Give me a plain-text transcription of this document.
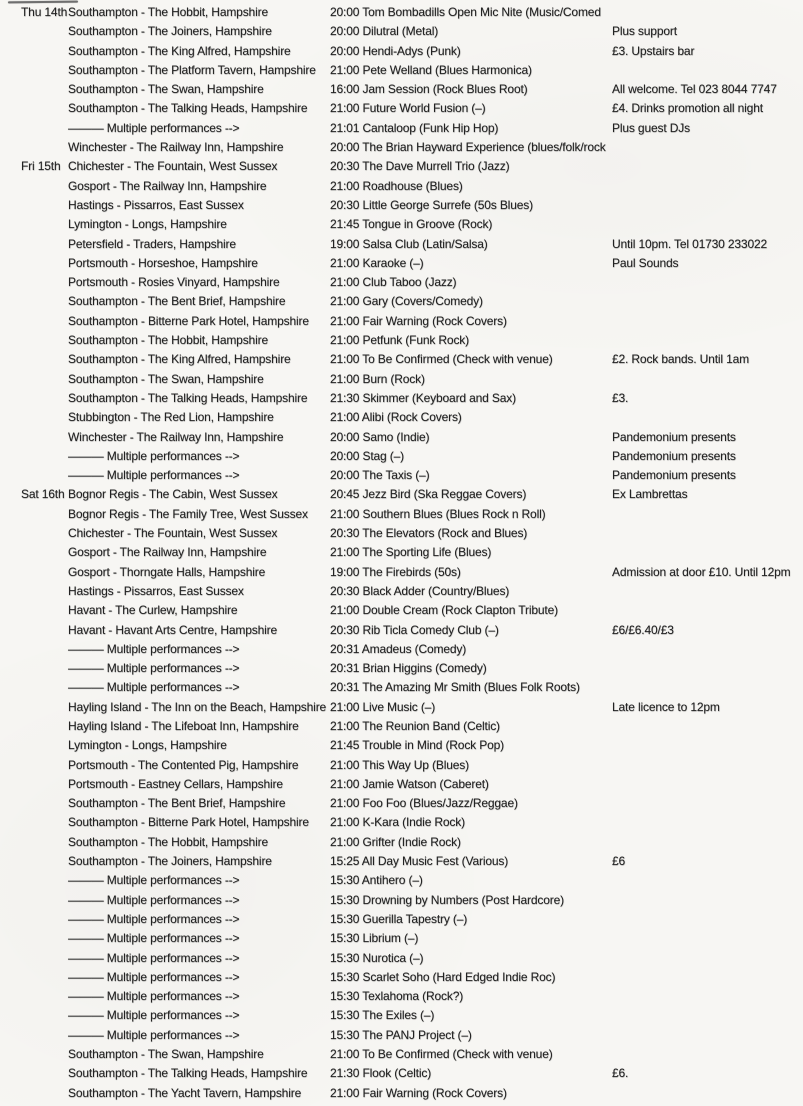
Thu 14th Southampton - The Hobbit, Hampshire	20:00 Tom Bombadills Open Mic Nite (Music/Comed
Southampton - The Joiners, Hampshire	20:00 Dilutral (Metal)	Plus support
Southampton - The King Alfred, Hampshire	20:00 Hendi-Adys (Punk)	£3. Upstairs bar
Southampton - The Platform Tavern, Hampshire	21:00 Pete Welland (Blues Harmonica)
Southampton - The Swan, Hampshire	16:00 Jam Session (Rock Blues Root)	All welcome. Tel 023 8044 7747
Southampton - The Talking Heads, Hampshire	21:00 Future World Fusion (–)	£4. Drinks promotion all night
——— Multiple performances -->	21:01 Cantaloop (Funk Hip Hop)	Plus guest DJs
Winchester - The Railway Inn, Hampshire	20:00 The Brian Hayward Experience (blues/folk/rock
Fri 15th Chichester - The Fountain, West Sussex	20:30 The Dave Murrell Trio (Jazz)
Gosport - The Railway Inn, Hampshire	21:00 Roadhouse (Blues)
Hastings - Pissarros, East Sussex	20:30 Little George Surrefe (50s Blues)
Lymington - Longs, Hampshire	21:45 Tongue in Groove (Rock)
Petersfield - Traders, Hampshire	19:00 Salsa Club (Latin/Salsa)	Until 10pm. Tel 01730 233022
Portsmouth - Horseshoe, Hampshire	21:00 Karaoke (–)	Paul Sounds
Portsmouth - Rosies Vinyard, Hampshire	21:00 Club Taboo (Jazz)
Southampton - The Bent Brief, Hampshire	21:00 Gary (Covers/Comedy)
Southampton - Bitterne Park Hotel, Hampshire	21:00 Fair Warning (Rock Covers)
Southampton - The Hobbit, Hampshire	21:00 Petfunk (Funk Rock)
Southampton - The King Alfred, Hampshire	21:00 To Be Confirmed (Check with venue)	£2. Rock bands. Until 1am
Southampton - The Swan, Hampshire	21:00 Burn (Rock)
Southampton - The Talking Heads, Hampshire	21:30 Skimmer (Keyboard and Sax)	£3.
Stubbington - The Red Lion, Hampshire	21:00 Alibi (Rock Covers)
Winchester - The Railway Inn, Hampshire	20:00 Samo (Indie)	Pandemonium presents
——— Multiple performances -->	20:00 Stag (–)	Pandemonium presents
——— Multiple performances -->	20:00 The Taxis (–)	Pandemonium presents
Sat 16th Bognor Regis - The Cabin, West Sussex	20:45 Jezz Bird (Ska Reggae Covers)	Ex Lambrettas
Bognor Regis - The Family Tree, West Sussex	21:00 Southern Blues (Blues Rock n Roll)
Chichester - The Fountain, West Sussex	20:30 The Elevators (Rock and Blues)
Gosport - The Railway Inn, Hampshire	21:00 The Sporting Life (Blues)
Gosport - Thorngate Halls, Hampshire	19:00 The Firebirds (50s)	Admission at door £10. Until 12pm
Hastings - Pissarros, East Sussex	20:30 Black Adder (Country/Blues)
Havant - The Curlew, Hampshire	21:00 Double Cream (Rock Clapton Tribute)
Havant - Havant Arts Centre, Hampshire	20:30 Rib Ticla Comedy Club (–)	£6/£6.40/£3
——— Multiple performances -->	20:31 Amadeus (Comedy)
——— Multiple performances -->	20:31 Brian Higgins (Comedy)
——— Multiple performances -->	20:31 The Amazing Mr Smith (Blues Folk Roots)
Hayling Island - The Inn on the Beach, Hampshire 21:00 Live Music (–)	Late licence to 12pm
Hayling Island - The Lifeboat Inn, Hampshire	21:00 The Reunion Band (Celtic)
Lymington - Longs, Hampshire	21:45 Trouble in Mind (Rock Pop)
Portsmouth - The Contented Pig, Hampshire	21:00 This Way Up (Blues)
Portsmouth - Eastney Cellars, Hampshire	21:00 Jamie Watson (Caberet)
Southampton - The Bent Brief, Hampshire	21:00 Foo Foo (Blues/Jazz/Reggae)
Southampton - Bitterne Park Hotel, Hampshire	21:00 K-Kara (Indie Rock)
Southampton - The Hobbit, Hampshire	21:00 Grifter (Indie Rock)
Southampton - The Joiners, Hampshire	15:25 All Day Music Fest (Various)	£6
——— Multiple performances -->	15:30 Antihero (–)
——— Multiple performances -->	15:30 Drowning by Numbers (Post Hardcore)
——— Multiple performances -->	15:30 Guerilla Tapestry (–)
——— Multiple performances -->	15:30 Librium (–)
——— Multiple performances -->	15:30 Nurotica (–)
——— Multiple performances -->	15:30 Scarlet Soho (Hard Edged Indie Roc)
——— Multiple performances -->	15:30 Texlahoma (Rock?)
——— Multiple performances -->	15:30 The Exiles (–)
——— Multiple performances -->	15:30 The PANJ Project (–)
Southampton - The Swan, Hampshire	21:00 To Be Confirmed (Check with venue)
Southampton - The Talking Heads, Hampshire	21:30 Flook (Celtic)	£6.
Southampton - The Yacht Tavern, Hampshire	21:00 Fair Warning (Rock Covers)
